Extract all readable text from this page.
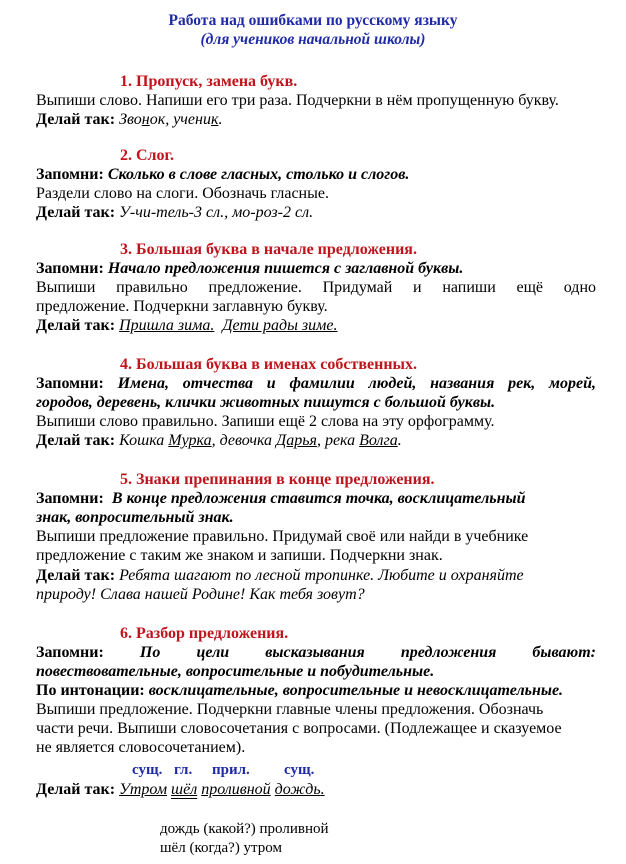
Работа над ошибками по русскому языку
(для учеников начальной школы)
1. Пропуск, замена букв.
Выпиши слово. Напиши его три раза. Подчеркни в нём пропущенную букву.
Делай так: Звонок, ученик.
2. Слог.
Запомни: Сколько в слове гласных, столько и слогов.
Раздели слово на слоги. Обозначь гласные.
Делай так: У-чи-тель-3 сл., мо-роз-2 сл.
3. Большая буква в начале предложения.
Запомни: Начало предложения пишется с заглавной буквы.
Выпиши правильно предложение. Придумай и напиши ещё одно
предложение. Подчеркни заглавную букву.
Делай так: Пришла зима. Дети рады зиме.
4. Большая буква в именах собственных.
Запомни: Имена, отчества и фамилии людей, названия рек, морей,
городов, деревень, клички животных пишутся с большой буквы.
Выпиши слово правильно. Запиши ещё 2 слова на эту орфограмму.
Делай так: Кошка Мурка, девочка Дарья, река Волга.
5. Знаки препинания в конце предложения.
Запомни: В конце предложения ставится точка, восклицательный
знак, вопросительный знак.
Выпиши предложение правильно. Придумай своё или найди в учебнике
предложение с таким же знаком и запиши. Подчеркни знак.
Делай так: Ребята шагают по лесной тропинке. Любите и охраняйте
природу! Слава нашей Родине! Как тебя зовут?
6. Разбор предложения.
Запомни: По цели высказывания предложения бывают:
повествовательные, вопросительные и побудительные.
По интонации: восклицательные, вопросительные и невосклицательные.
Выпиши предложение. Подчеркни главные члены предложения. Обозначь
части речи. Выпиши словосочетания с вопросами. (Подлежащее и сказуемое
не является словосочетанием).
сущ. гл. прил. сущ.
Делай так: Утром шёл проливной дождь.
дождь (какой?) проливной
шёл (когда?) утром
